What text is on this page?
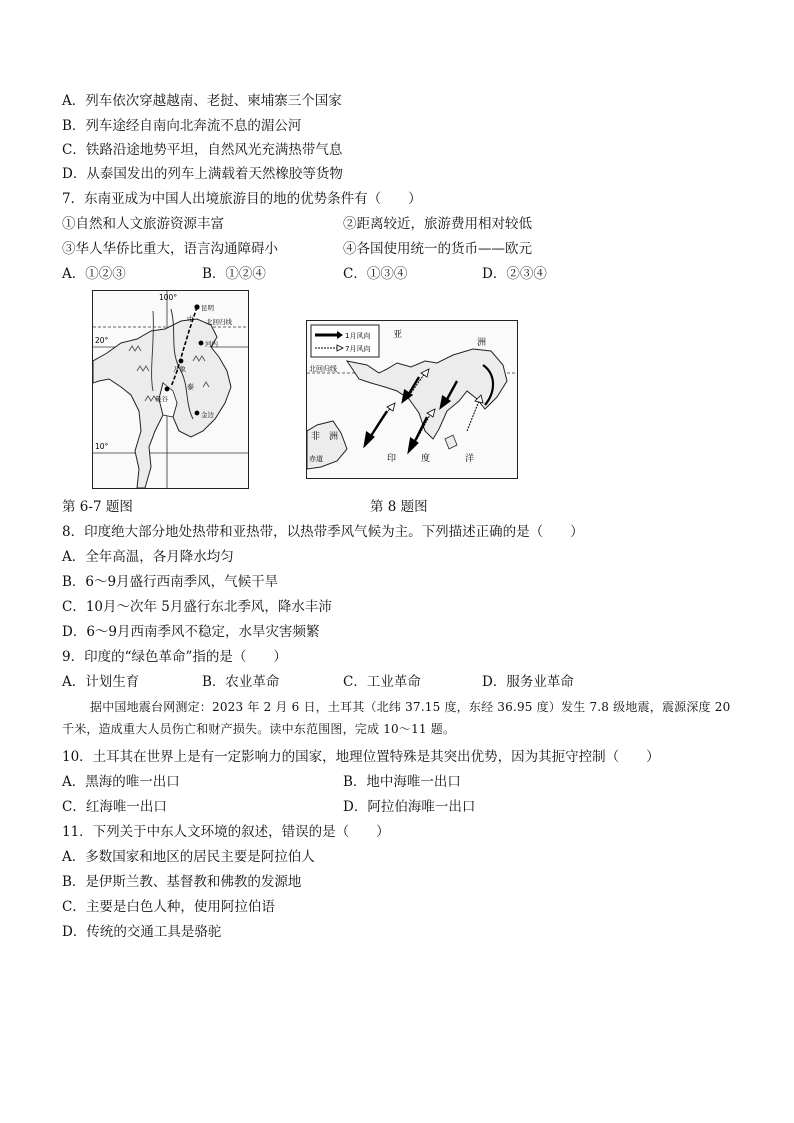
A．列车依次穿越越南、老挝、柬埔寨三个国家
B．列车途经自南向北奔流不息的湄公河
C．铁路沿途地势平坦，自然风光充满热带气息
D．从泰国发出的列车上满载着天然橡胶等货物
7．东南亚成为中国人出境旅游目的地的优势条件有（　　）
①自然和人文旅游资源丰富	②距离较近，旅游费用相对较低
③华人华侨比重大，语言沟通障碍小	④各国使用统一的货币——欧元
A．①②③	B．①②④	C．①③④	D．②③④
100°
20°
10°
北回归线
昆明
中
河内
万象
曼谷
金边
泰
1月风向
7月风向
亚
洲
北回归线
非 洲
印	度	洋
赤道
第 6-7 题图	第 8 题图
8．印度绝大部分地处热带和亚热带，以热带季风气候为主。下列描述正确的是（　　）
A．全年高温，各月降水均匀
B．6～9月盛行西南季风，气候干旱
C．10月～次年 5月盛行东北季风，降水丰沛
D．6～9月西南季风不稳定，水旱灾害频繁
9．印度的“绿色革命”指的是（　　）
A．计划生育	B．农业革命	C．工业革命	D．服务业革命
据中国地震台网测定：2023 年 2 月 6 日，土耳其（北纬 37.15 度，东经 36.95 度）发生 7.8 级地震，震源深度 20 千米，造成重大人员伤亡和财产损失。读中东范围图，完成 10～11 题。
10．土耳其在世界上是有一定影响力的国家，地理位置特殊是其突出优势，因为其扼守控制（　　）
A．黑海的唯一出口	B．地中海唯一出口
C．红海唯一出口	D．阿拉伯海唯一出口
11．下列关于中东人文环境的叙述，错误的是（　　）
A．多数国家和地区的居民主要是阿拉伯人
B．是伊斯兰教、基督教和佛教的发源地
C．主要是白色人种，使用阿拉伯语
D．传统的交通工具是骆驼
